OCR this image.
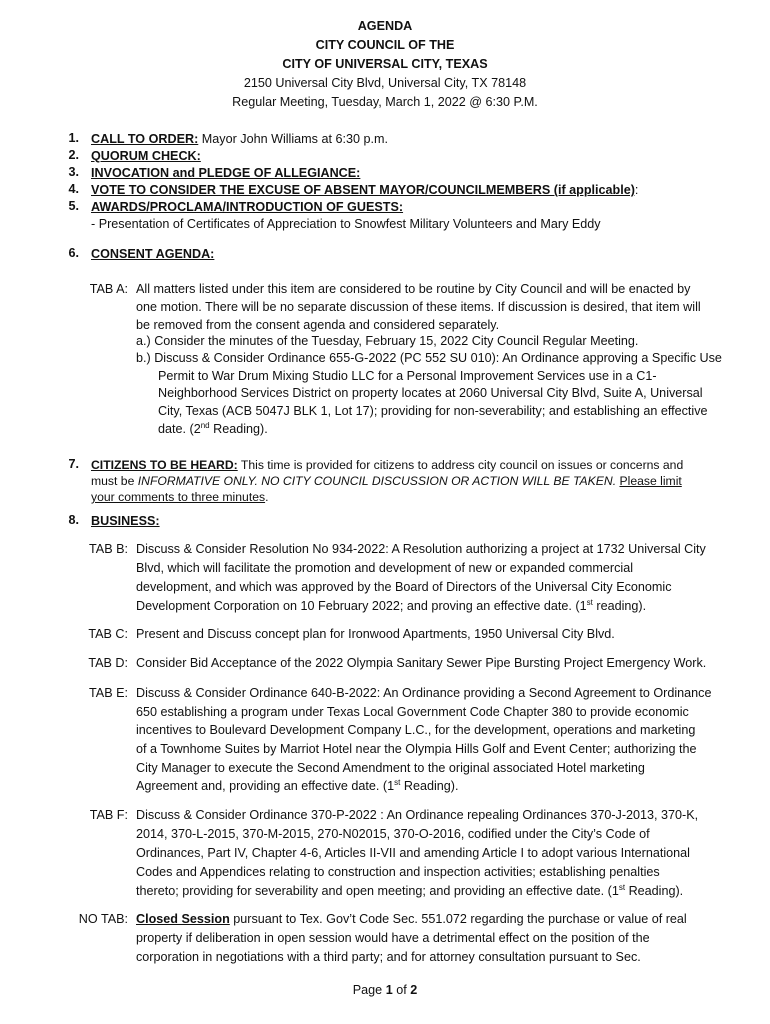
AGENDA
CITY COUNCIL OF THE
CITY OF UNIVERSAL CITY, TEXAS
2150 Universal City Blvd, Universal City, TX 78148
Regular Meeting, Tuesday, March 1, 2022 @ 6:30 P.M.
1. CALL TO ORDER: Mayor John Williams at 6:30 p.m.
2. QUORUM CHECK:
3. INVOCATION and PLEDGE OF ALLEGIANCE:
4. VOTE TO CONSIDER THE EXCUSE OF ABSENT MAYOR/COUNCILMEMBERS (if applicable):
5. AWARDS/PROCLAMA/INTRODUCTION OF GUESTS:
- Presentation of Certificates of Appreciation to Snowfest Military Volunteers and Mary Eddy
6. CONSENT AGENDA:
TAB A: All matters listed under this item are considered to be routine by City Council and will be enacted by
one motion. There will be no separate discussion of these items. If discussion is desired, that item will
be removed from the consent agenda and considered separately.
a.) Consider the minutes of the Tuesday, February 15, 2022 City Council Regular Meeting.
b.) Discuss & Consider Ordinance 655-G-2022 (PC 552 SU 010): An Ordinance approving a Specific Use
Permit to War Drum Mixing Studio LLC for a Personal Improvement Services use in a C1-
Neighborhood Services District on property locates at 2060 Universal City Blvd, Suite A, Universal
City, Texas (ACB 5047J BLK 1, Lot 17); providing for non-severability; and establishing an effective
date. (2nd Reading).
7. CITIZENS TO BE HEARD: This time is provided for citizens to address city council on issues or concerns and
must be INFORMATIVE ONLY. NO CITY COUNCIL DISCUSSION OR ACTION WILL BE TAKEN. Please limit
your comments to three minutes.
8. BUSINESS:
TAB B: Discuss & Consider Resolution No 934-2022: A Resolution authorizing a project at 1732 Universal City
Blvd, which will facilitate the promotion and development of new or expanded commercial
development, and which was approved by the Board of Directors of the Universal City Economic
Development Corporation on 10 February 2022; and proving an effective date. (1st reading).
TAB C: Present and Discuss concept plan for Ironwood Apartments, 1950 Universal City Blvd.
TAB D: Consider Bid Acceptance of the 2022 Olympia Sanitary Sewer Pipe Bursting Project Emergency Work.
TAB E: Discuss & Consider Ordinance 640-B-2022: An Ordinance providing a Second Agreement to Ordinance
650 establishing a program under Texas Local Government Code Chapter 380 to provide economic
incentives to Boulevard Development Company L.C., for the development, operations and marketing
of a Townhome Suites by Marriot Hotel near the Olympia Hills Golf and Event Center; authorizing the
City Manager to execute the Second Amendment to the original associated Hotel marketing
Agreement and, providing an effective date. (1st Reading).
TAB F: Discuss & Consider Ordinance 370-P-2022 : An Ordinance repealing Ordinances 370-J-2013, 370-K,
2014, 370-L-2015, 370-M-2015, 270-N02015, 370-O-2016, codified under the City’s Code of
Ordinances, Part IV, Chapter 4-6, Articles II-VII and amending Article I to adopt various International
Codes and Appendices relating to construction and inspection activities; establishing penalties
thereto; providing for severability and open meeting; and providing an effective date. (1st Reading).
NO TAB: Closed Session pursuant to Tex. Gov’t Code Sec. 551.072 regarding the purchase or value of real
property if deliberation in open session would have a detrimental effect on the position of the
corporation in negotiations with a third party; and for attorney consultation pursuant to Sec.
Page 1 of 2
